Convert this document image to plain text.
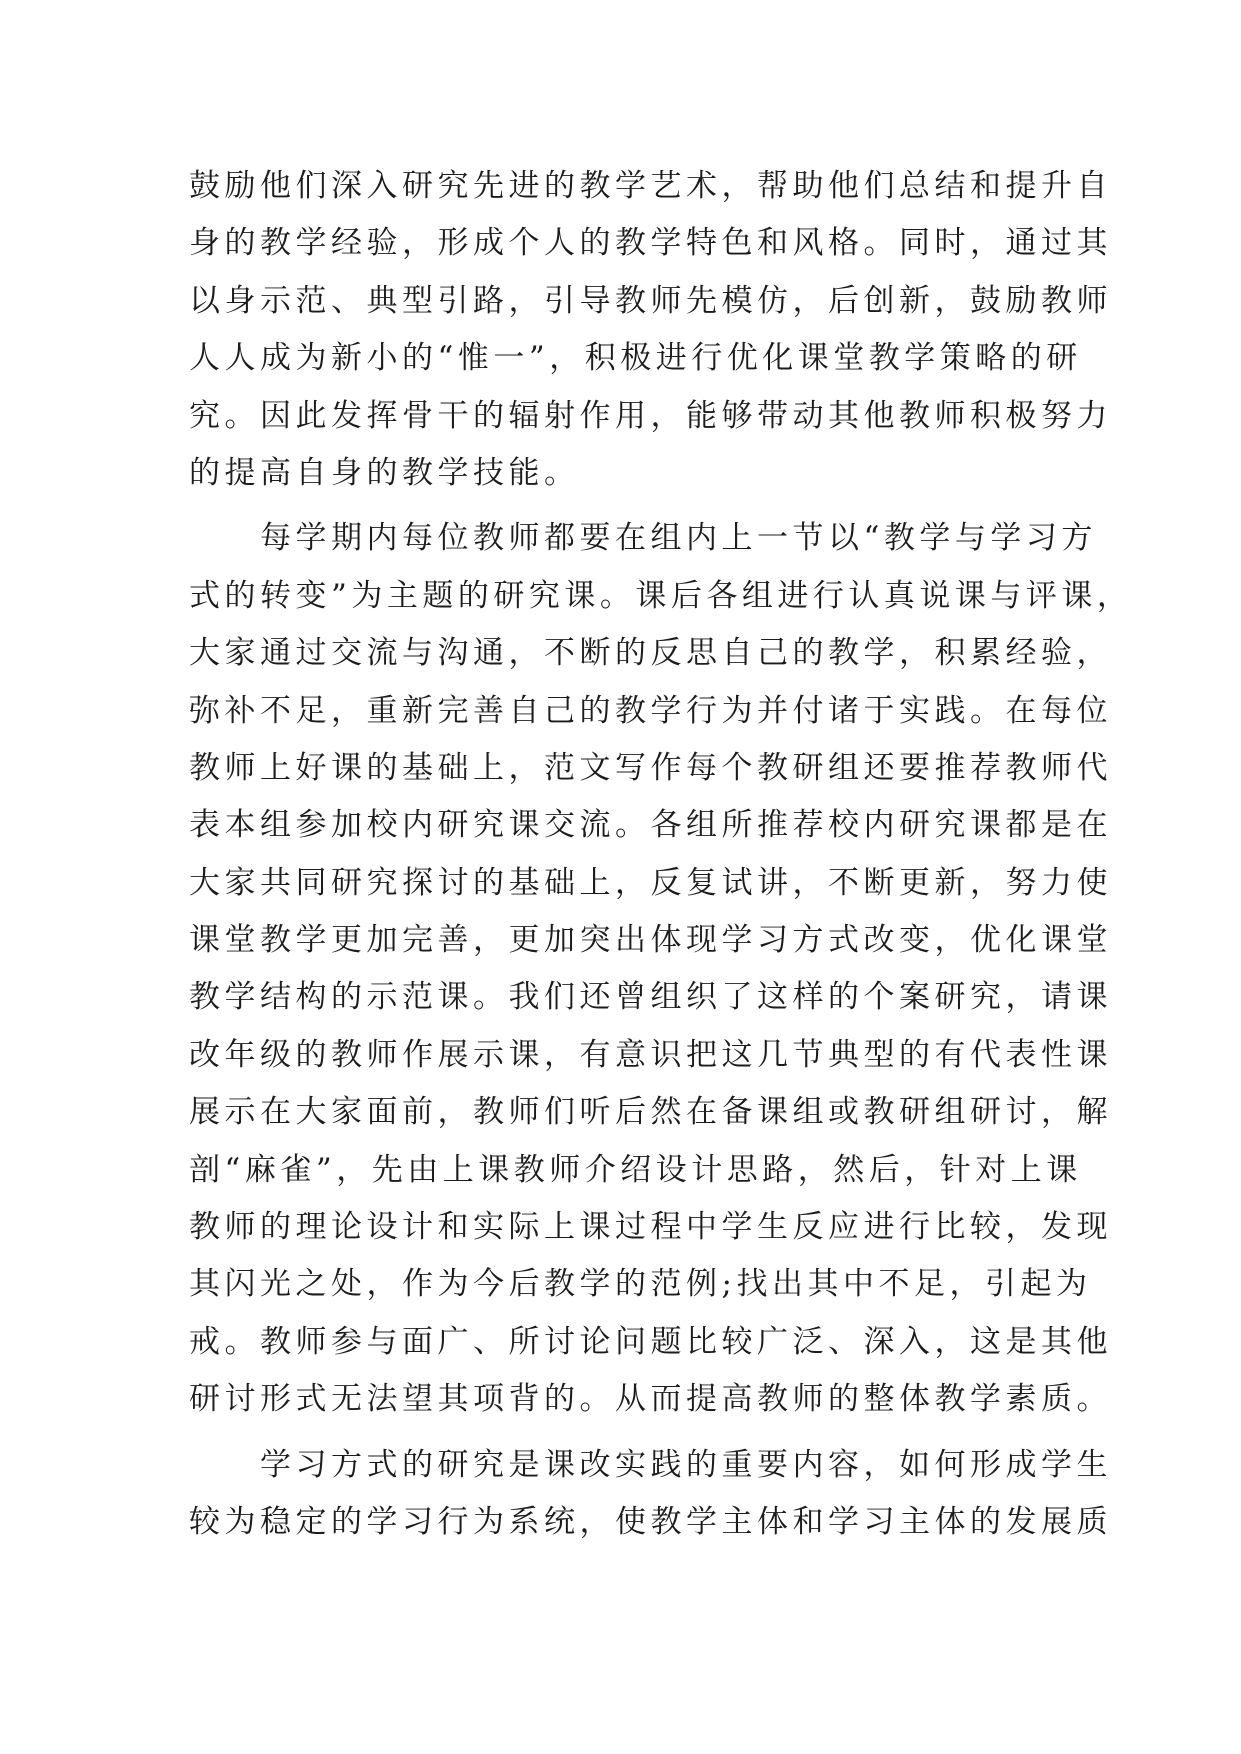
鼓励他们深入研究先进的教学艺术，帮助他们总结和提升自
身的教学经验，形成个人的教学特色和风格。同时，通过其
以身示范、典型引路，引导教师先模仿，后创新，鼓励教师
人人成为新小的“惟一”，积极进行优化课堂教学策略的研
究。因此发挥骨干的辐射作用，能够带动其他教师积极努力
的提高自身的教学技能。
每学期内每位教师都要在组内上一节以“教学与学习方
式的转变”为主题的研究课。课后各组进行认真说课与评课，
大家通过交流与沟通，不断的反思自己的教学，积累经验，
弥补不足，重新完善自己的教学行为并付诸于实践。在每位
教师上好课的基础上，范文写作每个教研组还要推荐教师代
表本组参加校内研究课交流。各组所推荐校内研究课都是在
大家共同研究探讨的基础上，反复试讲，不断更新，努力使
课堂教学更加完善，更加突出体现学习方式改变，优化课堂
教学结构的示范课。我们还曾组织了这样的个案研究，请课
改年级的教师作展示课，有意识把这几节典型的有代表性课
展示在大家面前，教师们听后然在备课组或教研组研讨，解
剖“麻雀”，先由上课教师介绍设计思路，然后，针对上课
教师的理论设计和实际上课过程中学生反应进行比较，发现
其闪光之处，作为今后教学的范例;找出其中不足，引起为
戒。教师参与面广、所讨论问题比较广泛、深入，这是其他
研讨形式无法望其项背的。从而提高教师的整体教学素质。
学习方式的研究是课改实践的重要内容，如何形成学生
较为稳定的学习行为系统，使教学主体和学习主体的发展质
